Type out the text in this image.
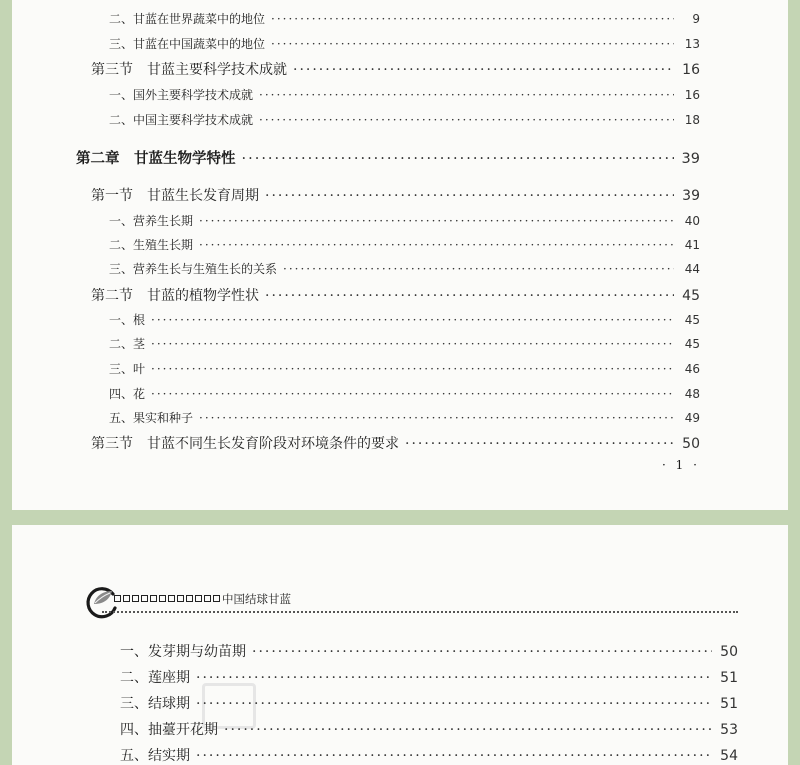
二、甘蓝在世界蔬菜中的地位 ·····	9
三、甘蓝在中国蔬菜中的地位 ·····	13
第三节　甘蓝主要科学技术成就 ·····	16
一、国外主要科学技术成就 ·····	16
二、中国主要科学技术成就 ·····	18
第二章　甘蓝生物学特性 ·····	39
第一节　甘蓝生长发育周期 ·····	39
一、营养生长期 ·····	40
二、生殖生长期 ·····	41
三、营养生长与生殖生长的关系 ·····	44
第二节　甘蓝的植物学性状 ·····	45
一、根 ·····	45
二、茎 ·····	45
三、叶 ·····	46
四、花 ·····	48
五、果实和种子 ·····	49
第三节　甘蓝不同生长发育阶段对环境条件的要求 ·····	50
· 1 ·
中国结球甘蓝
一、发芽期与幼苗期 ·····	50
二、莲座期 ·····	51
三、结球期 ·····	51
四、抽薹开花期 ·····	53
五、结实期 ·····	54
